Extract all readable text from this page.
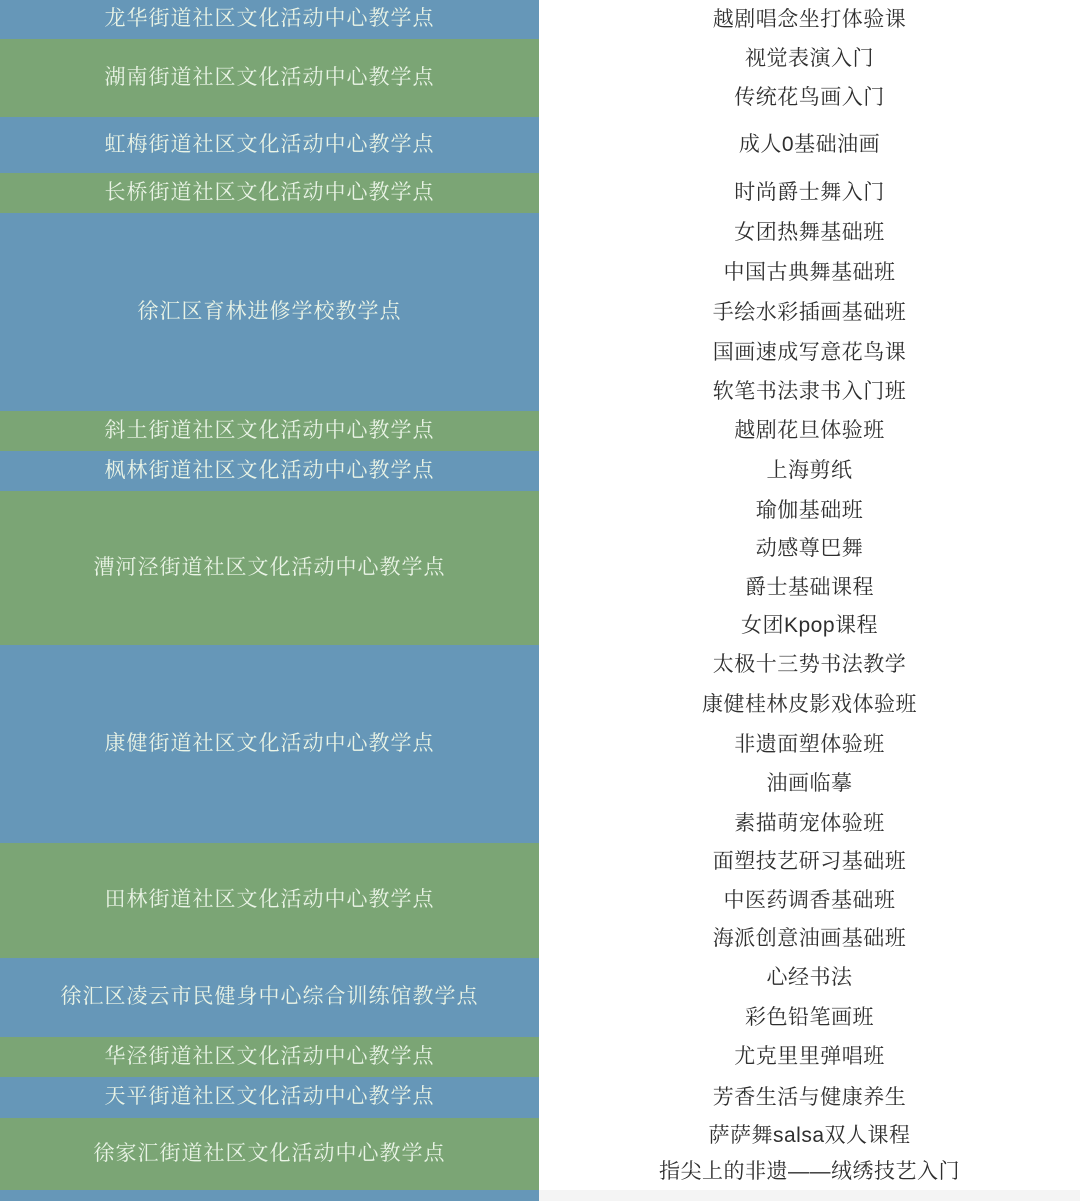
龙华街道社区文化活动中心教学点	越剧唱念坐打体验课
湖南街道社区文化活动中心教学点	视觉表演入门
	传统花鸟画入门
虹梅街道社区文化活动中心教学点	成人0基础油画
长桥街道社区文化活动中心教学点	时尚爵士舞入门
徐汇区育林进修学校教学点	女团热舞基础班
	中国古典舞基础班
	手绘水彩插画基础班
	国画速成写意花鸟课
	软笔书法隶书入门班
斜土街道社区文化活动中心教学点	越剧花旦体验班
枫林街道社区文化活动中心教学点	上海剪纸
漕河泾街道社区文化活动中心教学点	瑜伽基础班
	动感尊巴舞
	爵士基础课程
	女团Kpop课程
康健街道社区文化活动中心教学点	太极十三势书法教学
	康健桂林皮影戏体验班
	非遗面塑体验班
	油画临摹
	素描萌宠体验班
田林街道社区文化活动中心教学点	面塑技艺研习基础班
	中医药调香基础班
	海派创意油画基础班
徐汇区凌云市民健身中心综合训练馆教学点	心经书法
	彩色铅笔画班
华泾街道社区文化活动中心教学点	尤克里里弹唱班
天平街道社区文化活动中心教学点	芳香生活与健康养生
徐家汇街道社区文化活动中心教学点	萨萨舞salsa双人课程
	指尖上的非遗——绒绣技艺入门
